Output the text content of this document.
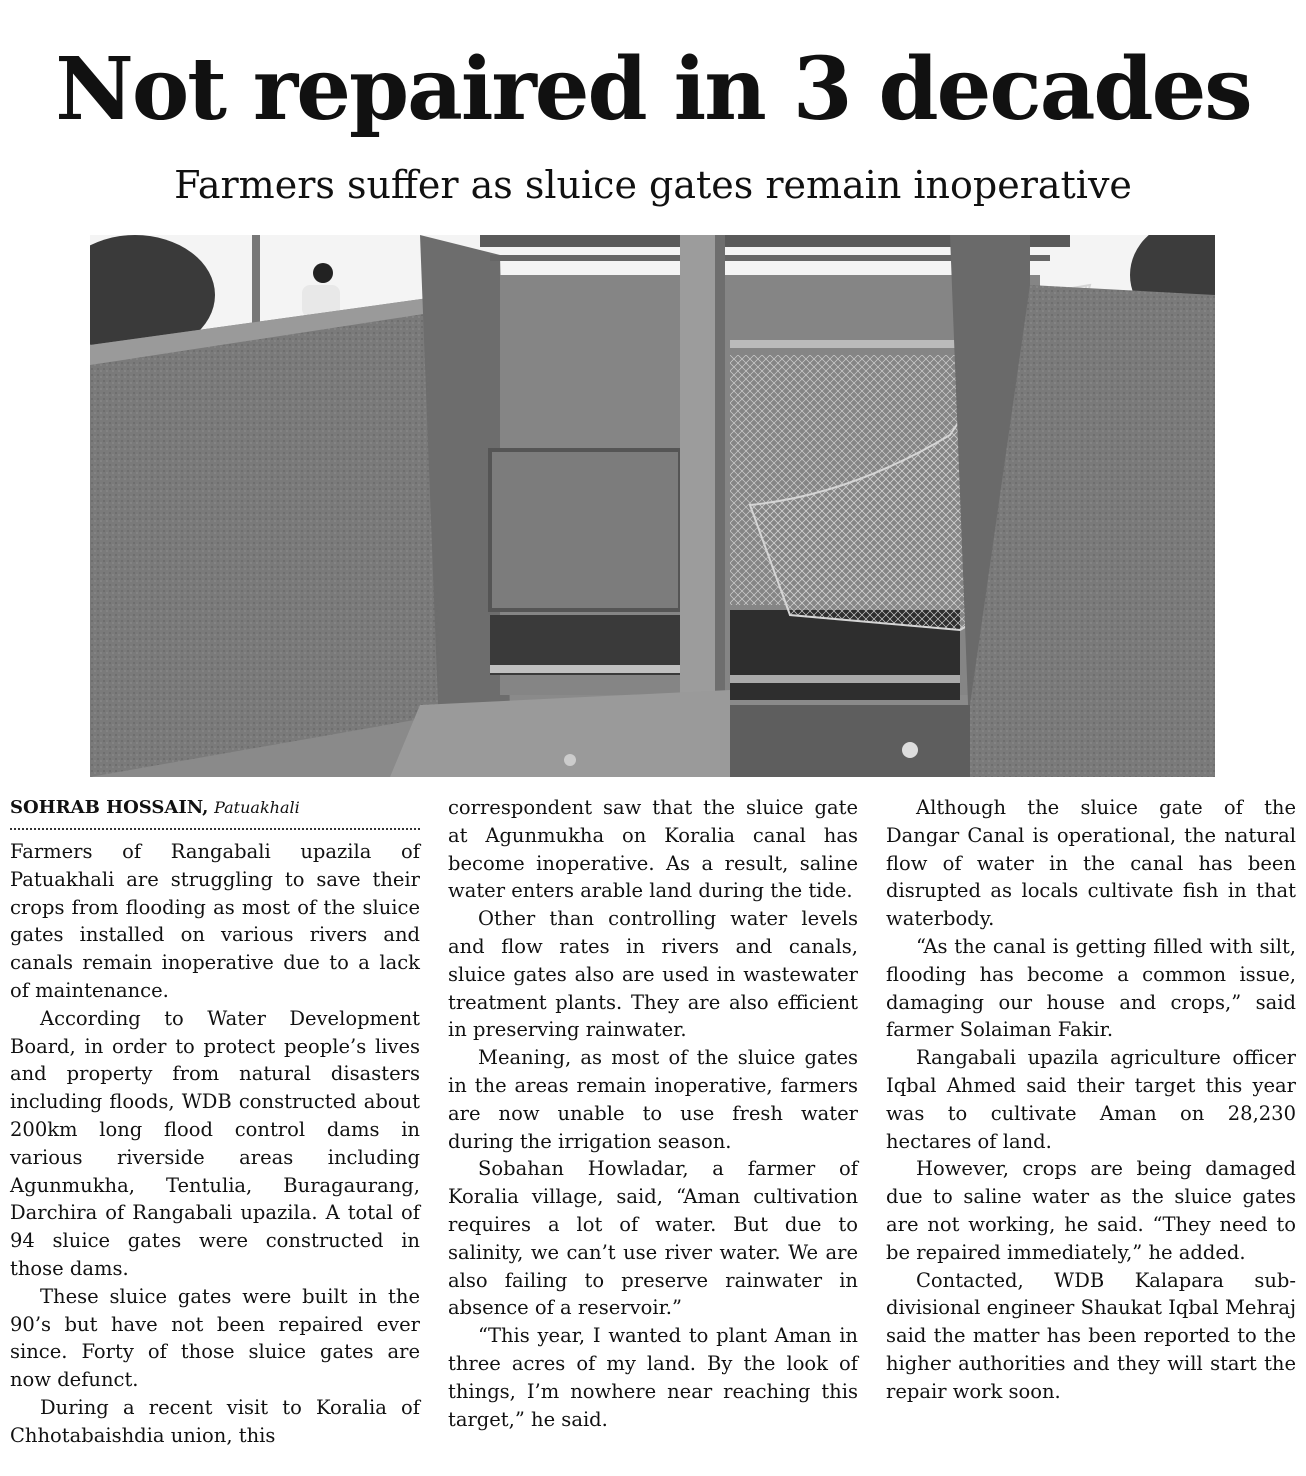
Not repaired in 3 decades
Farmers suffer as sluice gates remain inoperative
SOHRAB HOSSAIN, Patuakhali

Farmers of Rangabali upazila of Patuakhali are struggling to save their crops from flooding as most of the sluice gates installed on various rivers and canals remain inoperative due to a lack of maintenance.

According to Water Development Board, in order to protect people’s lives and property from natural disasters including floods, WDB constructed about 200km long flood control dams in various riverside areas including Agunmukha, Tentulia, Buragaurang, Darchira of Rangabali upazila. A total of 94 sluice gates were constructed in those dams.

These sluice gates were built in the 90’s but have not been repaired ever since. Forty of those sluice gates are now defunct.

During a recent visit to Koralia of Chhotabaishdia union, this

correspondent saw that the sluice gate at Agunmukha on Koralia canal has become inoperative. As a result, saline water enters arable land during the tide.

Other than controlling water levels and flow rates in rivers and canals, sluice gates also are used in wastewater treatment plants. They are also efficient in preserving rainwater.

Meaning, as most of the sluice gates in the areas remain inoperative, farmers are now unable to use fresh water during the irrigation season.

Sobahan Howladar, a farmer of Koralia village, said, “Aman cultivation requires a lot of water. But due to salinity, we can’t use river water. We are also failing to preserve rainwater in absence of a reservoir.”

“This year, I wanted to plant Aman in three acres of my land. By the look of things, I’m nowhere near reaching this target,” he said.

Although the sluice gate of the Dangar Canal is operational, the natural flow of water in the canal has been disrupted as locals cultivate fish in that waterbody.

“As the canal is getting filled with silt, flooding has become a common issue, damaging our house and crops,” said farmer Solaiman Fakir.

Rangabali upazila agriculture officer Iqbal Ahmed said their target this year was to cultivate Aman on 28,230 hectares of land.

However, crops are being damaged due to saline water as the sluice gates are not working, he said. “They need to be repaired immediately,” he added.

Contacted, WDB Kalapara sub-divisional engineer Shaukat Iqbal Mehraj said the matter has been reported to the higher authorities and they will start the repair work soon.
